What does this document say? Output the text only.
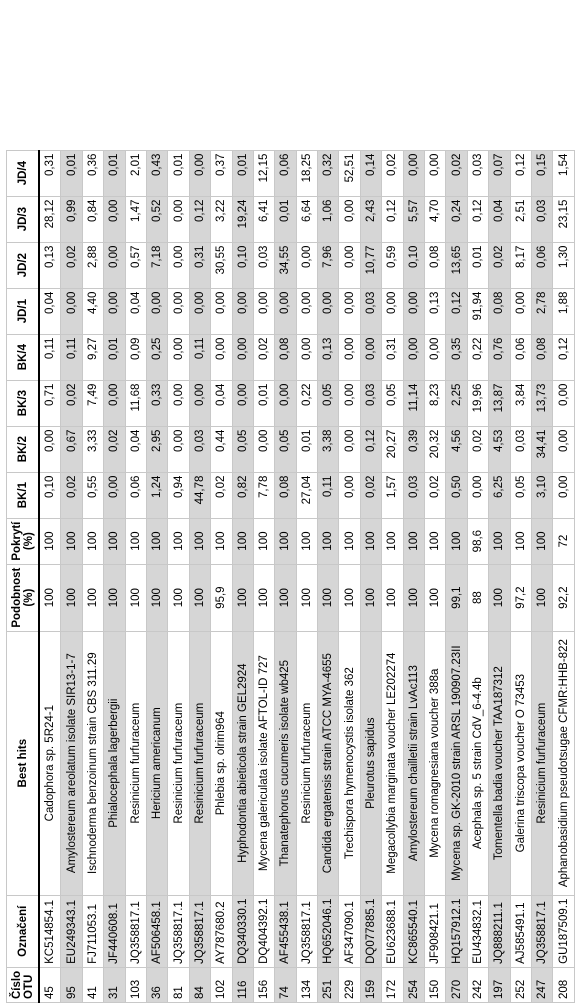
Číslo OTU	Označení	Best hits	Podobnost (%)	Pokrytí (%)	BK/1	BK/2	BK/3	BK/4	JD/1	JD/2	JD/3	JD/4
45	KC514854.1	Cadophora sp. 5R24-1	100	100	0,10	0,00	0,71	0,11	0,04	0,13	28,12	0,31
95	EU249343.1	Amylostereum areolatum isolate SIR13-1-7	100	100	0,02	0,67	0,02	0,11	0,00	0,02	0,99	0,01
41	FJ711053.1	Ischnoderma benzoinum strain CBS 311.29	100	100	0,55	3,33	7,49	9,27	4,40	2,88	0,84	0,36
31	JF440608.1	Phialocephala lagerbergii	100	100	0,00	0,02	0,00	0,01	0,00	0,00	0,00	0,01
103	JQ358817.1	Resinicium furfuraceum	100	100	0,06	0,04	11,68	0,09	0,04	0,57	1,47	2,01
36	AF506458.1	Hericium americanum	100	100	1,24	2,95	0,33	0,25	0,00	7,18	0,52	0,43
81	JQ358817.1	Resinicium furfuraceum	100	100	0,94	0,00	0,00	0,00	0,00	0,00	0,00	0,01
84	JQ358817.1	Resinicium furfuraceum	100	100	44,78	0,03	0,00	0,11	0,00	0,31	0,12	0,00
102	AY787680.2	Phlebia sp. olrim964	95,9	100	0,02	0,44	0,04	0,00	0,00	30,55	3,22	0,37
116	DQ340330.1	Hyphodontia abieticola strain GEL2924	100	100	0,82	0,05	0,00	0,00	0,00	0,10	19,24	0,01
156	DQ404392.1	Mycena galericulata isolate AFTOL-ID 727	100	100	7,78	0,00	0,01	0,02	0,00	0,03	6,41	12,15
74	AF455438.1	Thanatephorus cucumeris isolate wb425	100	100	0,08	0,05	0,00	0,08	0,00	34,55	0,01	0,06
134	JQ358817.1	Resinicium furfuraceum	100	100	27,04	0,01	0,22	0,00	0,00	0,00	6,64	18,25
251	HQ652046.1	Candida ergatensis strain ATCC MYA-4655	100	100	0,11	3,38	0,05	0,13	0,00	7,96	1,06	0,32
229	AF347090.1	Trechispora hymenocystis isolate 362	100	100	0,00	0,00	0,00	0,00	0,00	0,00	0,00	52,51
159	DQ077885.1	Pleurotus sapidus	100	100	0,02	0,12	0,03	0,00	0,03	10,77	2,43	0,14
172	EU623688.1	Megacollybia marginata voucher LE202274	100	100	1,57	20,27	0,05	0,31	0,00	0,59	0,12	0,02
254	KC865540.1	Amylostereum chailletii strain LvAc113	100	100	0,03	0,39	11,14	0,00	0,00	0,10	5,57	0,00
150	JF908421.1	Mycena romagnesiana voucher 388a	100	100	0,02	20,32	8,23	0,00	0,13	0,08	4,70	0,00
270	HQ157912.1	Mycena sp. GK-2010 strain ARSL 190907.23II	99,1	100	0,50	4,56	2,25	0,35	0,12	13,65	0,24	0,02
242	EU434832.1	Acephala sp. 5 strain CdV_6-4.4b	88	98,6	0,00	0,02	19,96	0,22	91,94	0,01	0,12	0,03
197	JQ888211.1	Tomentella badia voucher TAA187312	100	100	6,25	4,53	13,87	0,76	0,08	0,02	0,04	0,07
252	AJ585491.1	Galerina triscopa voucher O 73453	97,2	100	0,05	0,03	3,84	0,06	0,00	8,17	2,51	0,12
247	JQ358817.1	Resinicium furfuraceum	100	100	3,10	34,41	13,73	0,08	2,78	0,06	0,03	0,15
208	GU187509.1	Aphanobasidium pseudotsugae CFMR:HHB-822	92,2	72	0,00	0,00	0,00	0,12	1,88	1,30	23,15	1,54
